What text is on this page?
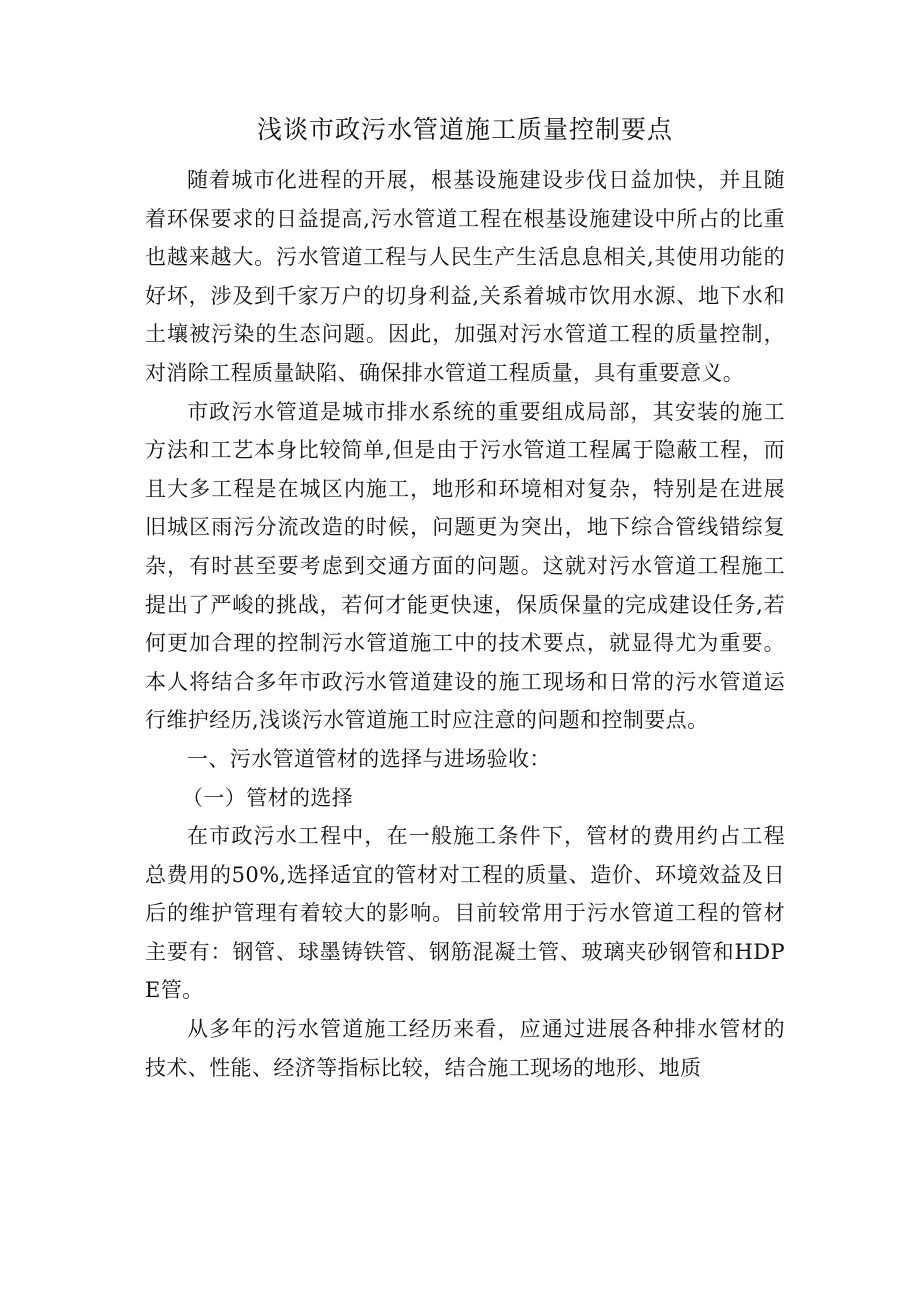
浅谈市政污水管道施工质量控制要点

随着城市化进程的开展，根基设施建设步伐日益加快，并且随着环保要求的日益提高,污水管道工程在根基设施建设中所占的比重也越来越大。污水管道工程与人民生产生活息息相关,其使用功能的好坏，涉及到千家万户的切身利益,关系着城市饮用水源、地下水和土壤被污染的生态问题。因此，加强对污水管道工程的质量控制，对消除工程质量缺陷、确保排水管道工程质量，具有重要意义。

市政污水管道是城市排水系统的重要组成局部，其安装的施工方法和工艺本身比较简单,但是由于污水管道工程属于隐蔽工程，而且大多工程是在城区内施工，地形和环境相对复杂，特别是在进展旧城区雨污分流改造的时候，问题更为突出，地下综合管线错综复杂，有时甚至要考虑到交通方面的问题。这就对污水管道工程施工提出了严峻的挑战，若何才能更快速，保质保量的完成建设任务,若何更加合理的控制污水管道施工中的技术要点，就显得尤为重要。本人将结合多年市政污水管道建设的施工现场和日常的污水管道运行维护经历,浅谈污水管道施工时应注意的问题和控制要点。

一、污水管道管材的选择与进场验收：

（一）管材的选择

在市政污水工程中，在一般施工条件下，管材的费用约占工程总费用的50%,选择适宜的管材对工程的质量、造价、环境效益及日后的维护管理有着较大的影响。目前较常用于污水管道工程的管材主要有：钢管、球墨铸铁管、钢筋混凝土管、玻璃夹砂钢管和HDPE管。

从多年的污水管道施工经历来看，应通过进展各种排水管材的技术、性能、经济等指标比较，结合施工现场的地形、地质
